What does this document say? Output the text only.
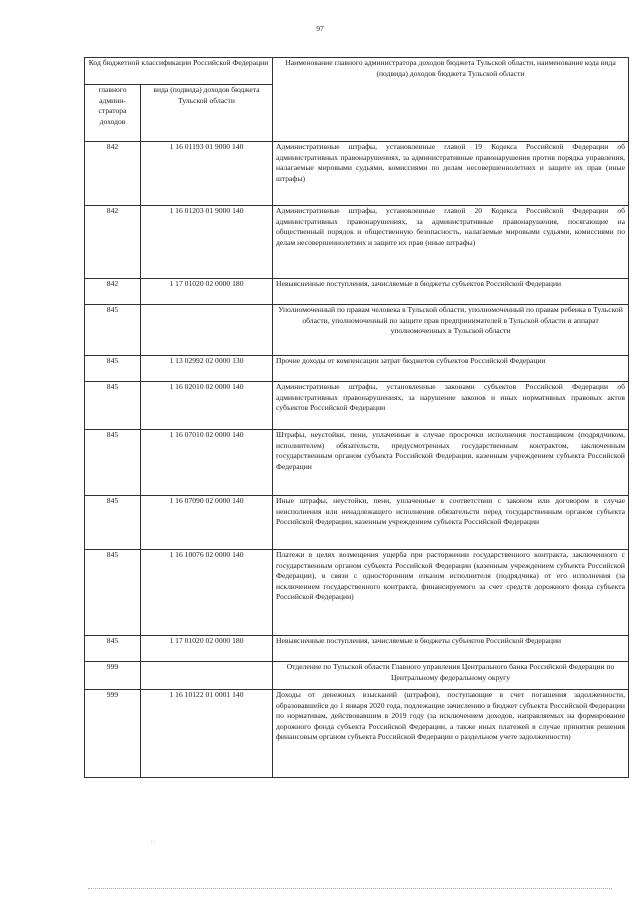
97
Код бюджетной классификации Российской Федерации		Наименование главного администратора доходов бюджета Тульской области, наименование кода вида (подвида) доходов бюджета Тульской области
главного админи-стратора доходов	вида (подвида) доходов бюджета Тульской области	
842	1 16 01193 01 9000 140	Административные штрафы, установленные главой 19 Кодекса Российской Федерации об административных правонарушениях, за административные правонарушения против порядка управления, налагаемые мировыми судьями, комиссиями по делам несовершеннолетних и защите их прав (иные штрафы)
842	1 16 01203 01 9000 140	Административные штрафы, установленные главой 20 Кодекса Российской Федерации об административных правонарушениях, за административные правонарушения, посягающие на общественный порядок и общественную безопасность, налагаемые мировыми судьями, комиссиями по делам несовершеннолетних и защите их прав (иные штрафы)
842	1 17 01020 02 0000 180	Невыясненные поступления, зачисляемые в бюджеты субъектов Российской Федерации
845		Уполномоченный по правам человека в Тульской области, уполномоченный по правам ребенка в Тульской области, уполномоченный по защите прав предпринимателей в Тульской области и аппарат уполномоченных в Тульской области
845	1 13 02992 02 0000 130	Прочие доходы от компенсации затрат бюджетов субъектов Российской Федерации
845	1 16 02010 02 0000 140	Административные штрафы, установленные законами субъектов Российской Федерации об административных правонарушениях, за нарушение законов и иных нормативных правовых актов субъектов Российской Федерации
845	1 16 07010 02 0000 140	Штрафы, неустойки, пени, уплаченные в случае просрочки исполнения поставщиком (подрядчиком, исполнителем) обязательств, предусмотренных государственным контрактом, заключенным государственным органом субъекта Российской Федерации, казенным учреждением субъекта Российской Федерации
845	1 16 07090 02 0000 140	Иные штрафы, неустойки, пени, уплаченные в соответствии с законом или договором в случае неисполнения или ненадлежащего исполнения обязательств перед государственным органом субъекта Российской Федерации, казенным учреждением субъекта Российской Федерации
845	1 16 10076 02 0000 140	Платежи в целях возмещения ущерба при расторжении государственного контракта, заключенного с государственным органом субъекта Российской Федерации (казенным учреждением субъекта Российской Федерации), в связи с односторонним отказом исполнителя (подрядчика) от его исполнения (за исключением государственного контракта, финансируемого за счет средств дорожного фонда субъекта Российской Федерации)
845	1 17 01020 02 0000 180	Невыясненные поступления, зачисляемые в бюджеты субъектов Российской Федерации
999		Отделение по Тульской области Главного управления Центрального банка Российской Федерации по Центральному федеральному округу
999	1 16 10122 01 0001 140	Доходы от денежных взысканий (штрафов), поступающие в счет погашения задолженности, образовавшейся до 1 января 2020 года, подлежащие зачислению в бюджет субъекта Российской Федерации по нормативам, действовавшим в 2019 году (за исключением доходов, направляемых на формирование дорожного фонда субъекта Российской Федерации, а также иных платежей в случае принятия решения финансовым органом субъекта Российской Федерации о раздельном учете задолженности)
. .
